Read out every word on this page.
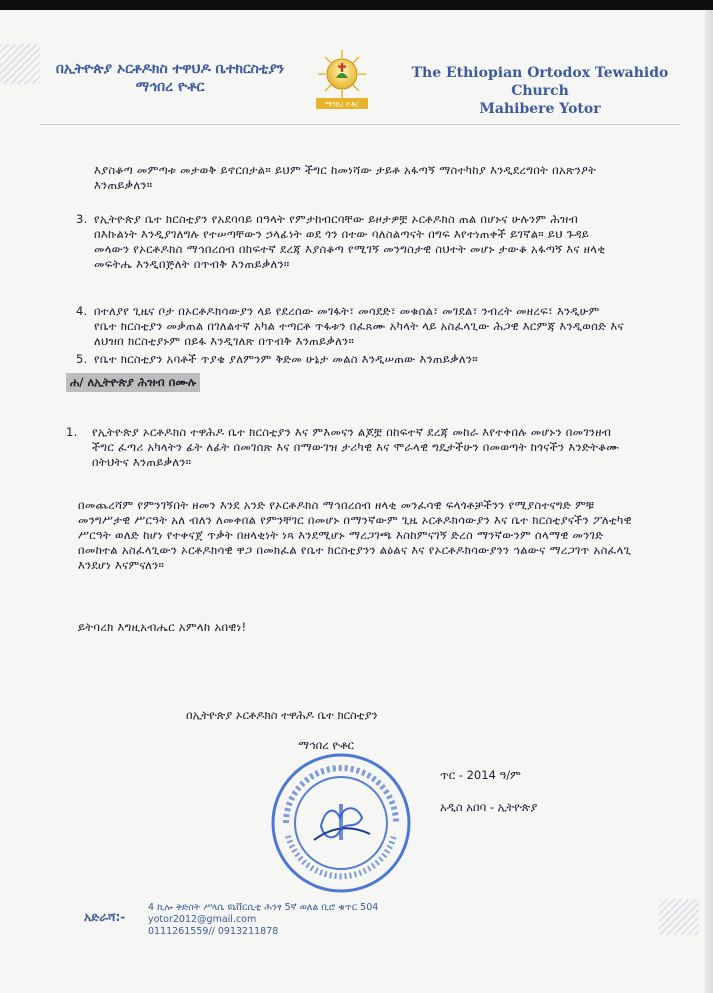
በኢትዮጵያ ኦርቶዶክስ ተዋህዶ ቤተክርስቲያን
ማኅበረ ዮቶር
ማኅበረ ዮቶር
The Ethiopian Ortodox Tewahido Church
Mahibere Yotor
እያስቆጣ መምጣቱ መታወቅ ይኖርበታል። ይህም ችግር ከመነሻው ታይቶ አፋጣኝ ማስተካከያ እንዲደረግበት በአጽንዖት እንጠይቃለን።
3. የኢትዮጵያ ቤተ ክርስቲያን የአደባባይ በዓላት የምታከብርባቸው ይዞታዎቿ ኦርቶዶክስ ጠል በሆኑና ሁሉንም ሕዝብ በእኩልነት እንዲያገለግሉ የተሠጣቸውን ኃላፊነት ወደ ጎን በተው ባለስልጣናት በግፍ እየተነጠቀች ይገኛል። ይህ ጉዳይ መላውን የኦርቶዶክስ ማኅበረሰብ በከፍተኛ ደረጃ እያስቆጣ የሚገኝ መንግስታዊ ስህተት መሆኑ ታውቆ አፋጣኝ እና ዘላቂ መፍትሔ እንዲበጅለት በጥብቅ እንጠይቃለን።
4. በተለያየ ጊዜና ቦታ በኦርቶዶክሳውያን ላይ የደረሰው መገፋት፣ መሳደድ፣ መቁሰል፣ መገደል፣ ንብረት መዘረፍ፣ እንዲሁም የቤተ ክርስቲያን መቃጠል በገለልተኛ አካል ተጣርቶ ጥፋቱን በፈጸሙ አካላት ላይ አስፈላጊው ሕጋዊ እርምጃ እንዲወሰድ እና ለህዝበ ክርስቲያኑም በይፋ እንዲገለጽ በጥብቅ እንጠይቃለን።
5. የቤተ ክርስቲያን አባቶች ጥያቄ ያለምንም ቅድመ ሁኔታ መልስ እንዲሠጠው እንጠይቃለን።
ሐ/ ለኢትዮጵያ ሕዝብ በሙሉ
1. የኢትዮጵያ ኦርቶዶክስ ተዋሕዶ ቤተ ክርስቲያን እና ምእመናን ልጆቿ በከፍተኛ ደረጃ መከራ እየተቀበሉ መሆኑን በመገንዘብ ችግር ፈጣሪ አካላትን ፊት ለፊት በመገሰጽ እና በማውገዝ ታሪካዊ እና ሞራላዊ ግዴታችሁን በመወጣት ከጎናችን እንድትቆሙ በትህትና እንጠይቃለን።
በመጨረሻም የምንገኝበት ዘመን እንደ አንድ የኦርቶዶክስ ማኅበረሰብ ዘላቂ መንፈሳዊ ፍላጎቶቻችንን የሚያስተናግድ ምቹ መንግሥታዊ ሥርዓት አለ ብለን ለመቀበል የምንቸገር በመሆኑ በማንኛውም ጊዜ ኦርቶዶክሳውያን እና ቤተ ክርስቲያናችን ፖለቲካዊ ሥርዓት ወለድ ከሆነ የተቀናጀ ጥቃት በዘላቂነት ነጻ እንደሚሆኑ ማረጋገጫ እስከምናገኝ ድረስ ማንኛውንም ሰላማዊ መንገድ በመከተል አስፈላጊውን ኦርቶዶክሳዊ ዋጋ በመክፈል የቤተ ክርስቲያንን ልዕልና እና የኦርቶዶክሳውያንን ኅልውና ማረጋገጥ አስፈላጊ እንደሆነ እናምናለን።
ይትባረክ እግዚአብሔር አምላከ አበዊነ!
በኢትዮጵያ ኦርቶዶክስ ተዋሕዶ ቤተ ክርስቲያን
ማኅበረ ዮቶር
ጥር - 2014 ዓ/ም
አዲስ አበባ - ኢትዮጵያ
አድራሻ:-
4 ኪሎ ቅድስት ሥላሴ ዩኒቨርሲቲ ሕንፃ 5ኛ ወለል ቢሮ ቁጥር 504
yotor2012@gmail.com
0111261559// 0913211878
